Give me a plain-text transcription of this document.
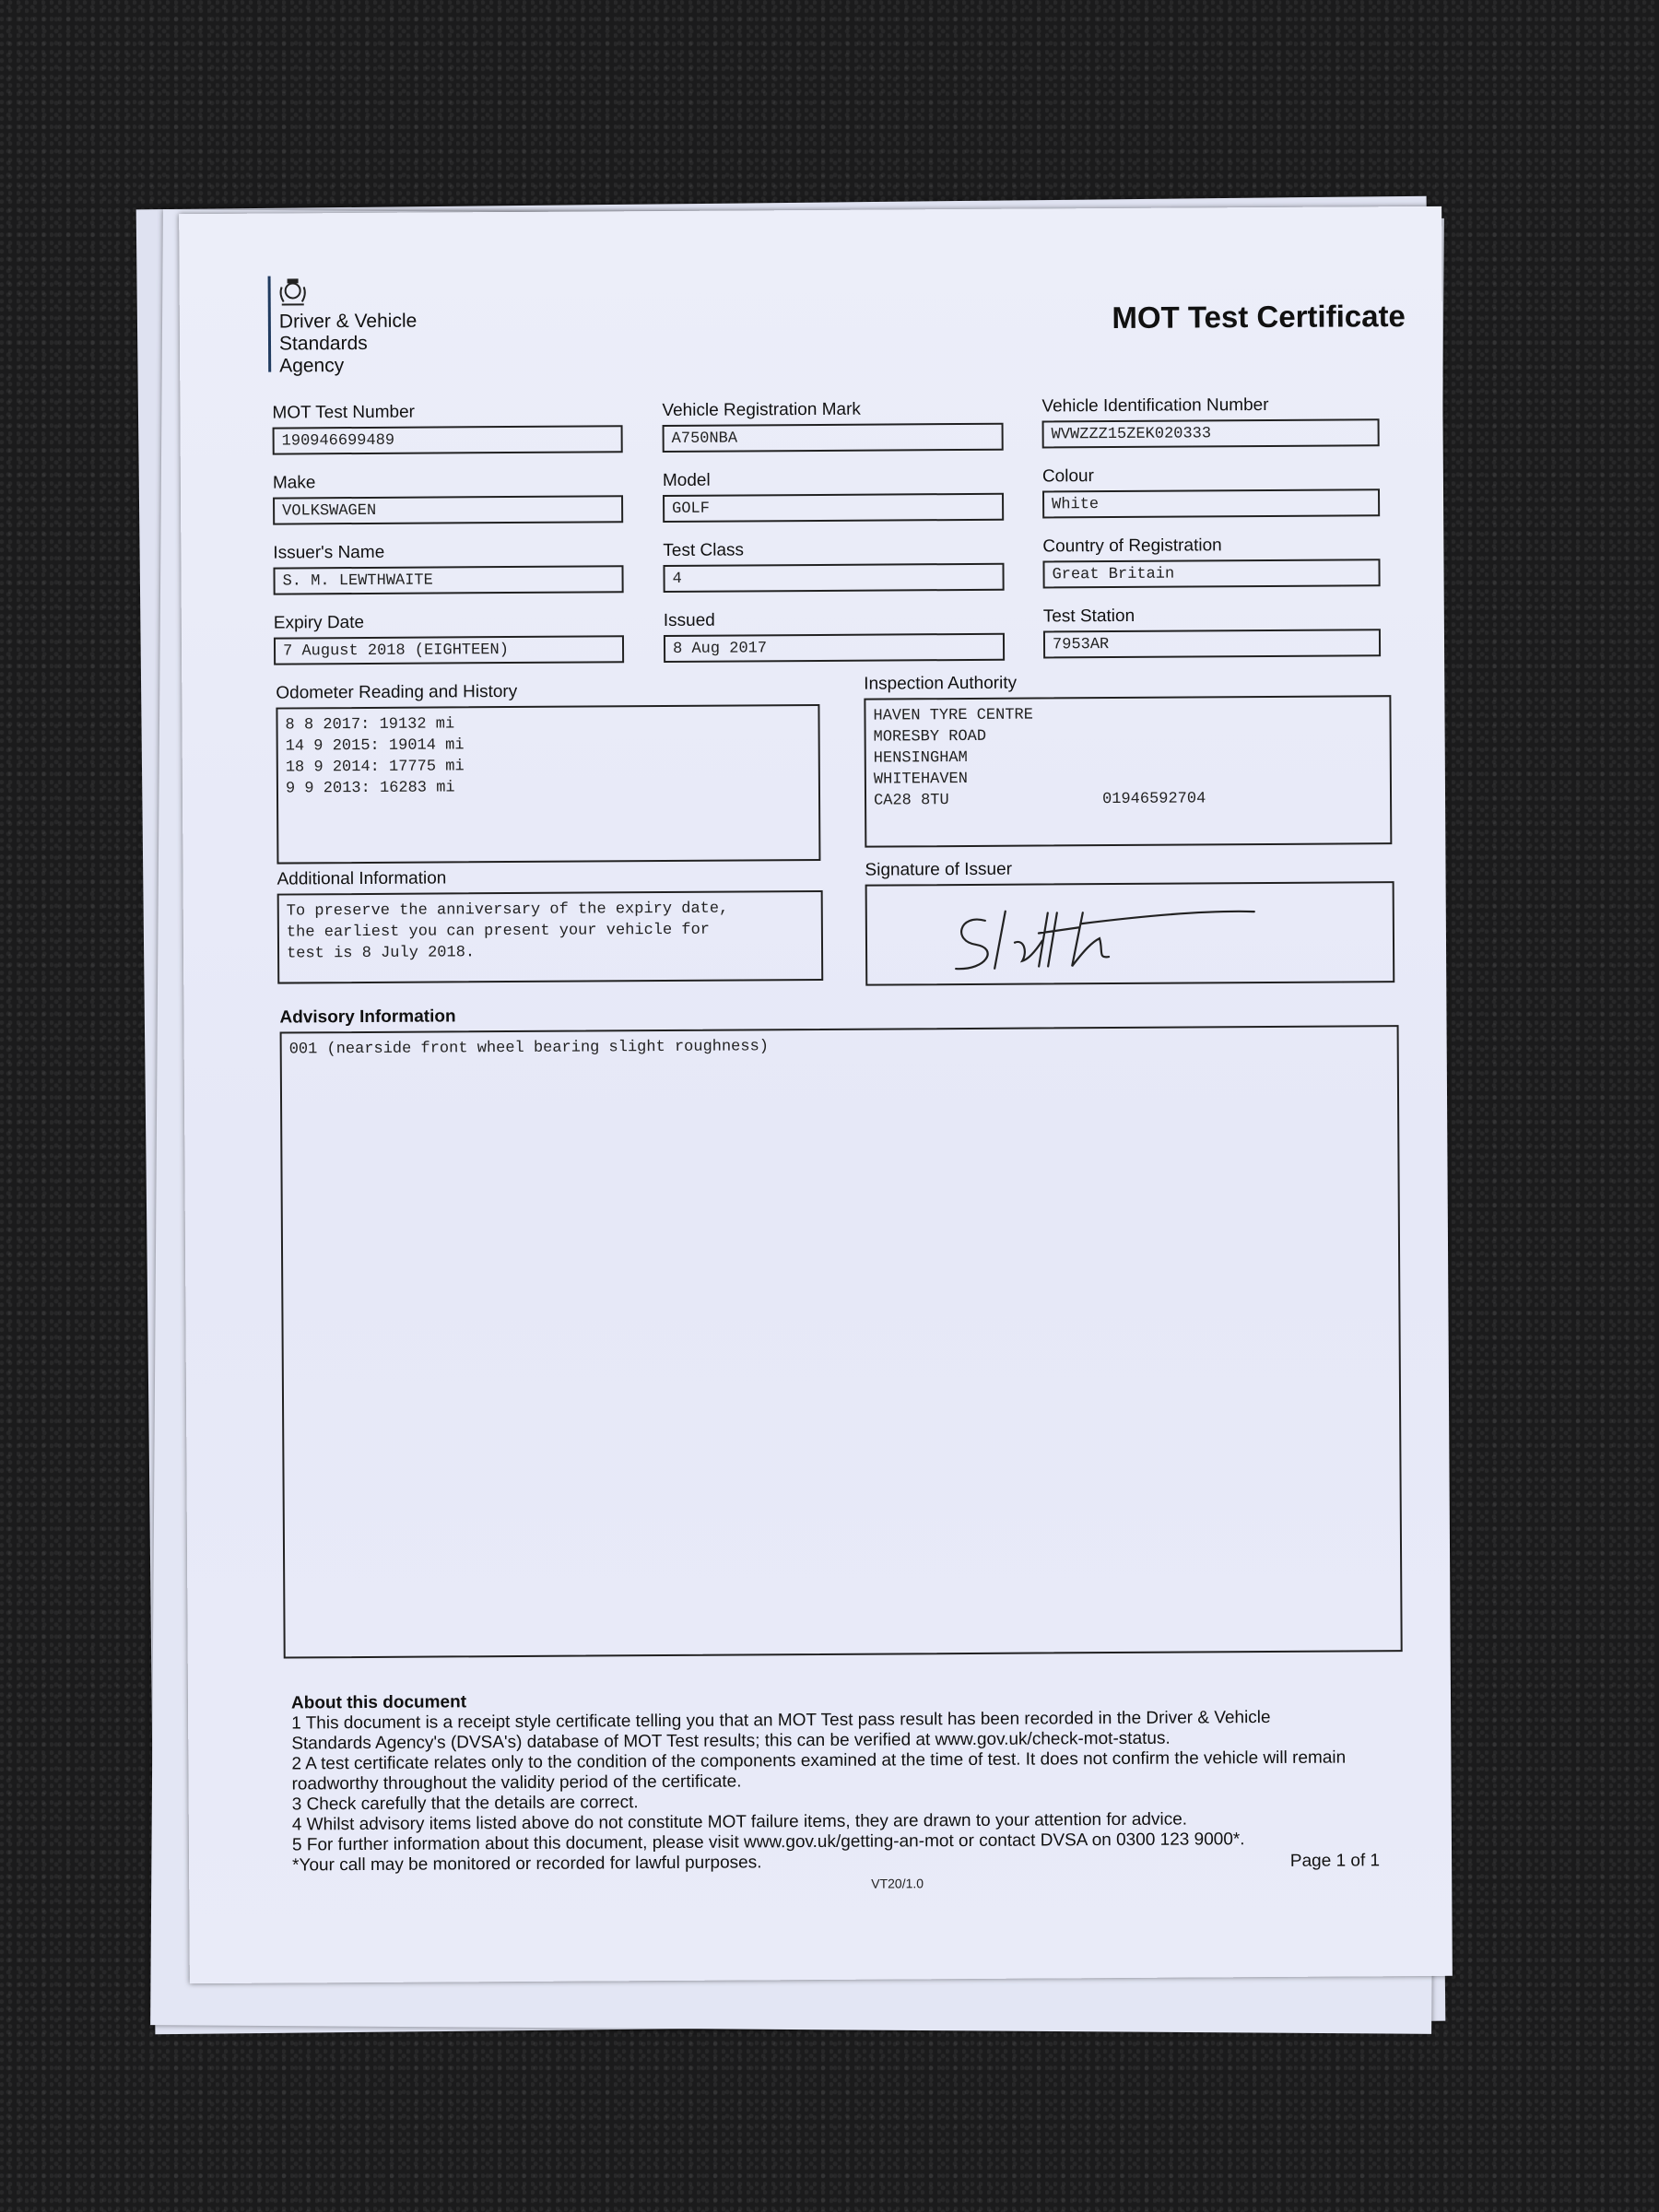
Driver & Vehicle
Standards
Agency
MOT Test Certificate
MOT Test Number
190946699489
Vehicle Registration Mark
A750NBA
Vehicle Identification Number
WVWZZZ15ZEK020333
Make
VOLKSWAGEN
Model
GOLF
Colour
White
Issuer's Name
S. M. LEWTHWAITE
Test Class
4
Country of Registration
Great Britain
Expiry Date
7 August 2018 (EIGHTEEN)
Issued
8 Aug 2017
Test Station
7953AR
Odometer Reading and History
8 8 2017: 19132 mi
14 9 2015: 19014 mi
18 9 2014: 17775 mi
9 9 2013: 16283 mi
Inspection Authority
HAVEN TYRE CENTRE
MORESBY ROAD
HENSINGHAM
WHITEHAVEN
CA28 8TU	01946592704
Additional Information
To preserve the anniversary of the expiry date,
the earliest you can present your vehicle for
test is 8 July 2018.
Signature of Issuer
Advisory Information
001 (nearside front wheel bearing slight roughness)
About this document
1 This document is a receipt style certificate telling you that an MOT Test pass result has been recorded in the Driver & Vehicle
Standards Agency's (DVSA's) database of MOT Test results; this can be verified at www.gov.uk/check-mot-status.
2 A test certificate relates only to the condition of the components examined at the time of test. It does not confirm the vehicle will remain
roadworthy throughout the validity period of the certificate.
3 Check carefully that the details are correct.
4 Whilst advisory items listed above do not constitute MOT failure items, they are drawn to your attention for advice.
5 For further information about this document, please visit www.gov.uk/getting-an-mot or contact DVSA on 0300 123 9000*.
*Your call may be monitored or recorded for lawful purposes.	Page 1 of 1
VT20/1.0
